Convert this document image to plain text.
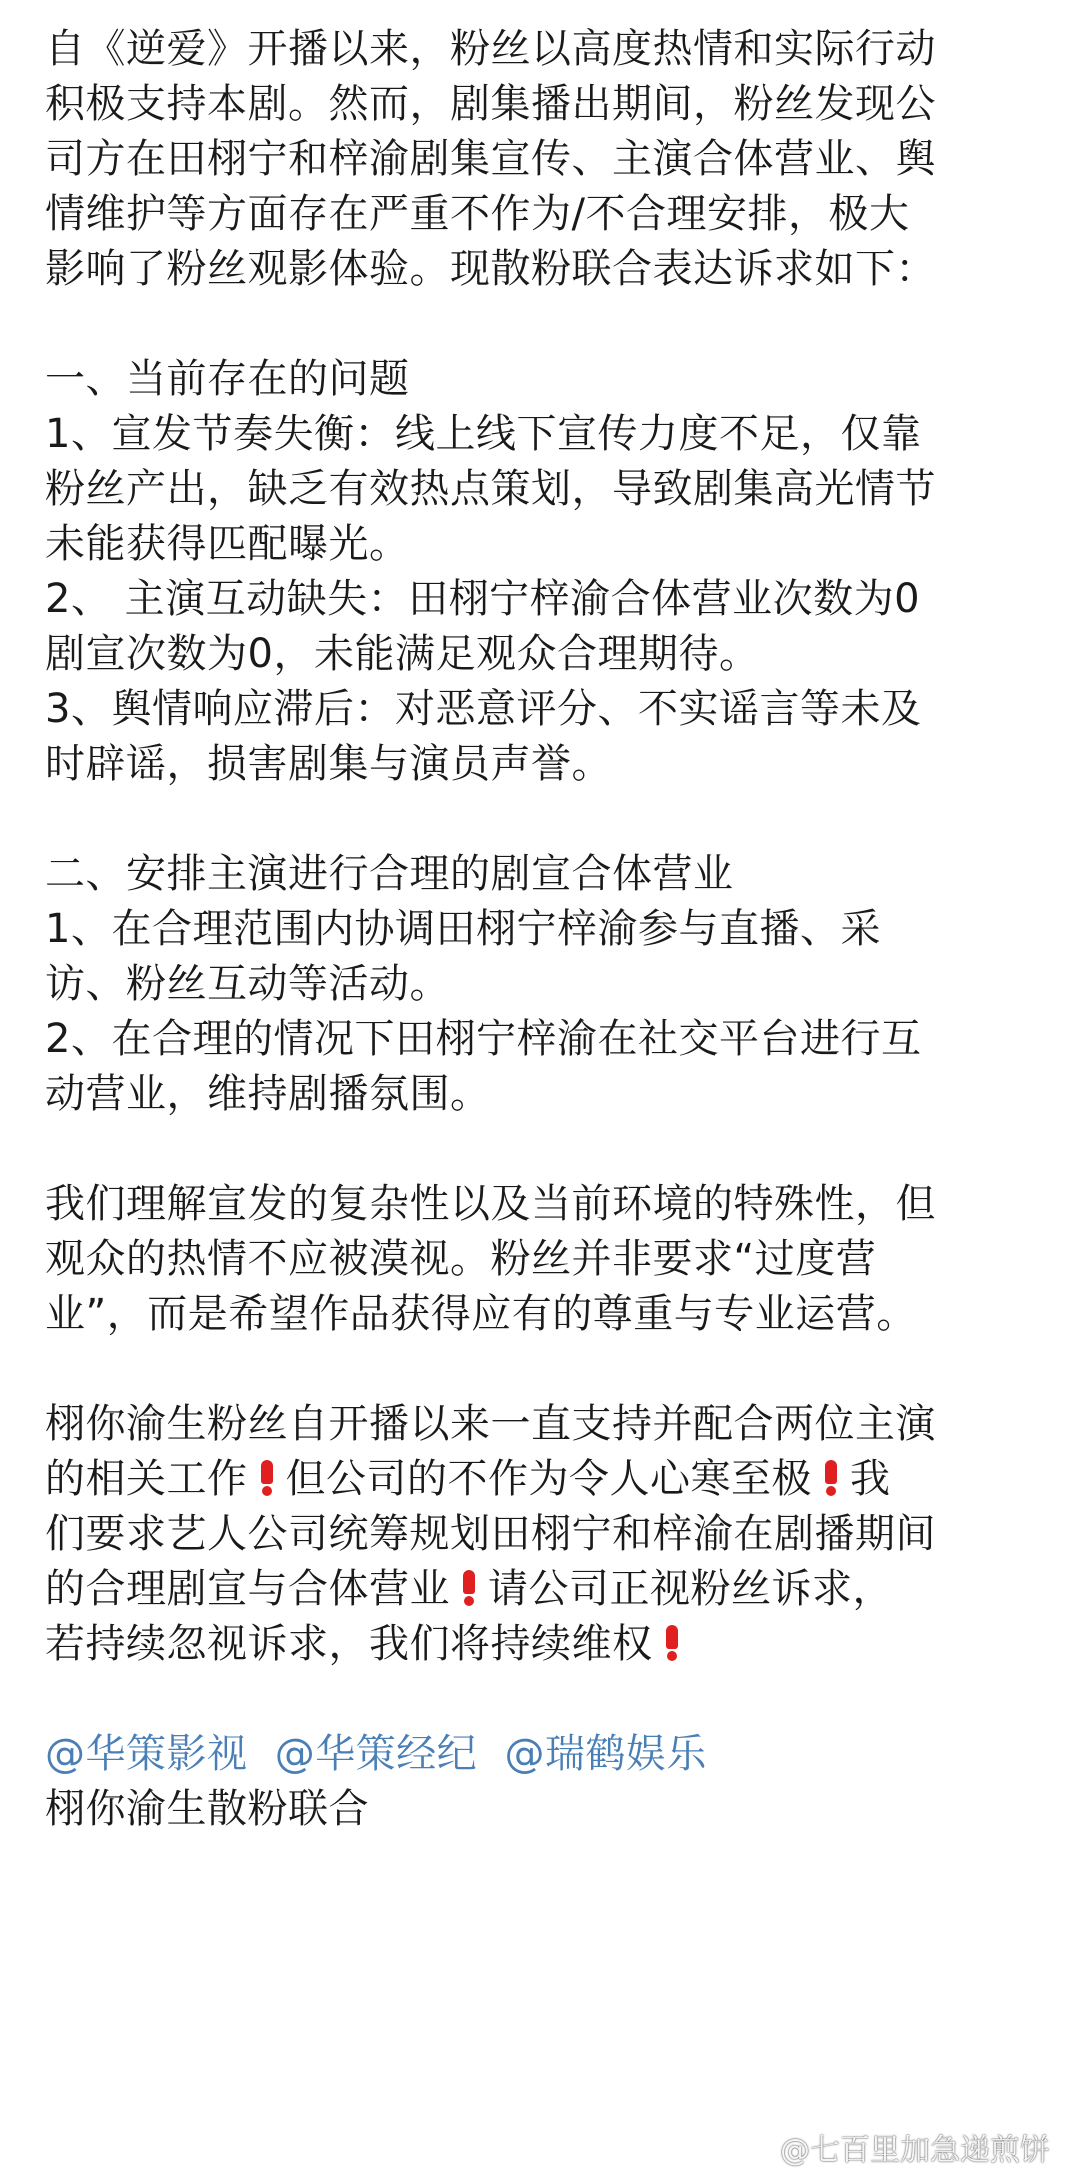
自《逆爱》开播以来，粉丝以高度热情和实际行动
积极支持本剧。然而，剧集播出期间，粉丝发现公
司方在田栩宁和梓渝剧集宣传、主演合体营业、舆
情维护等方面存在严重不作为/不合理安排，极大
影响了粉丝观影体验。现散粉联合表达诉求如下：
一、当前存在的问题
1、宣发节奏失衡：线上线下宣传力度不足，仅靠
粉丝产出，缺乏有效热点策划，导致剧集高光情节
未能获得匹配曝光。
2、 主演互动缺失：田栩宁梓渝合体营业次数为0
剧宣次数为0，未能满足观众合理期待。
3、舆情响应滞后：对恶意评分、不实谣言等未及
时辟谣，损害剧集与演员声誉。
二、安排主演进行合理的剧宣合体营业
1、在合理范围内协调田栩宁梓渝参与直播、采
访、粉丝互动等活动。
2、在合理的情况下田栩宁梓渝在社交平台进行互
动营业，维持剧播氛围。
我们理解宣发的复杂性以及当前环境的特殊性，但
观众的热情不应被漠视。粉丝并非要求“过度营
业”，而是希望作品获得应有的尊重与专业运营。
栩你渝生粉丝自开播以来一直支持并配合两位主演
的相关工作 但公司的不作为令人心寒至极 我
们要求艺人公司统筹规划田栩宁和梓渝在剧播期间
的合理剧宣与合体营业 请公司正视粉丝诉求，
若持续忽视诉求，我们将持续维权
@华策影视 @华策经纪 @瑞鹤娱乐
栩你渝生散粉联合
@七百里加急递煎饼
